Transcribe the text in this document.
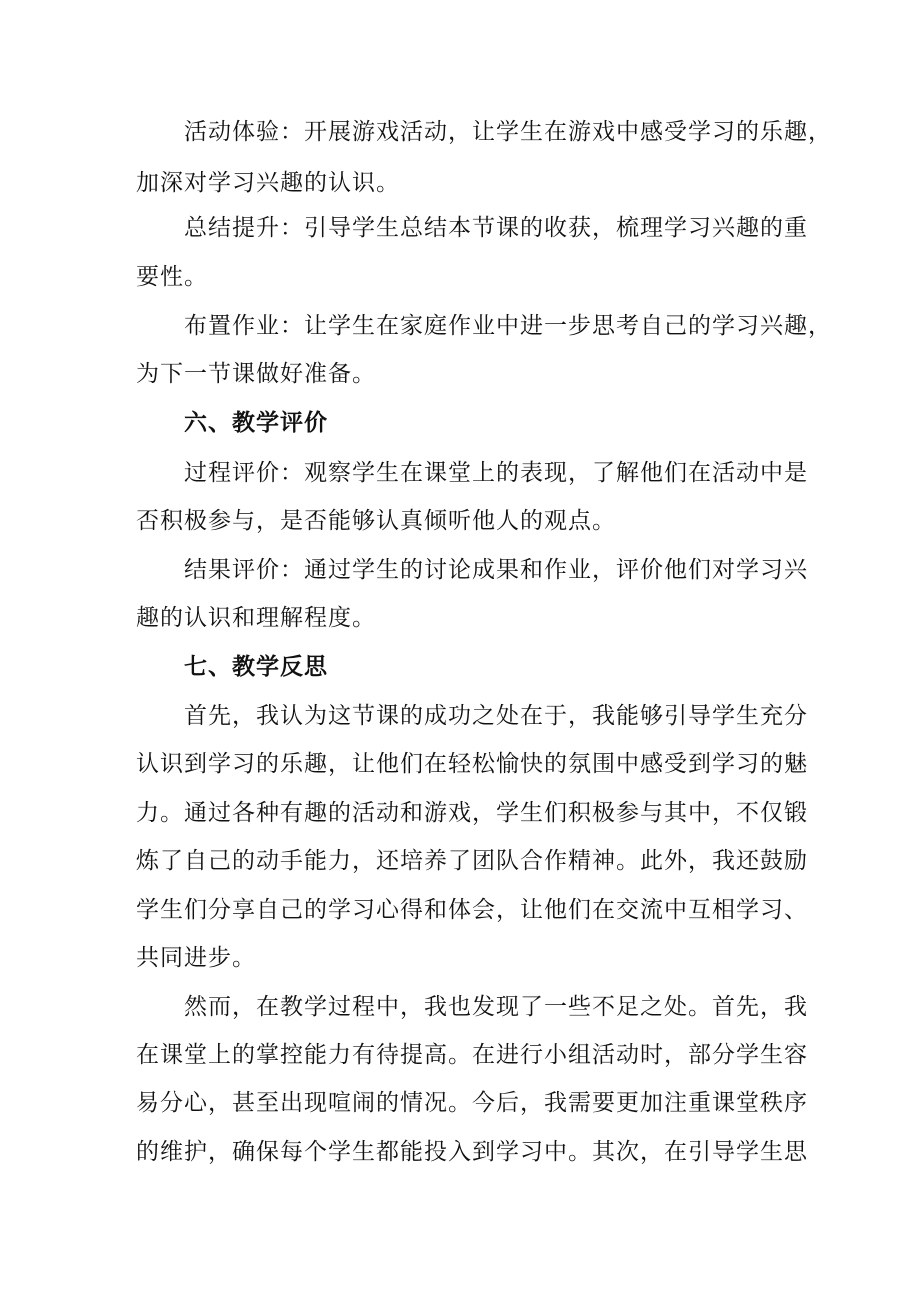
活动体验：开展游戏活动，让学生在游戏中感受学习的乐趣，
加深对学习兴趣的认识。
总结提升：引导学生总结本节课的收获，梳理学习兴趣的重
要性。
布置作业：让学生在家庭作业中进一步思考自己的学习兴趣，
为下一节课做好准备。
六、教学评价
过程评价：观察学生在课堂上的表现，了解他们在活动中是
否积极参与，是否能够认真倾听他人的观点。
结果评价：通过学生的讨论成果和作业，评价他们对学习兴
趣的认识和理解程度。
七、教学反思
首先，我认为这节课的成功之处在于，我能够引导学生充分
认识到学习的乐趣，让他们在轻松愉快的氛围中感受到学习的魅
力。通过各种有趣的活动和游戏，学生们积极参与其中，不仅锻
炼了自己的动手能力，还培养了团队合作精神。此外，我还鼓励
学生们分享自己的学习心得和体会，让他们在交流中互相学习、
共同进步。
然而，在教学过程中，我也发现了一些不足之处。首先，我
在课堂上的掌控能力有待提高。在进行小组活动时，部分学生容
易分心，甚至出现喧闹的情况。今后，我需要更加注重课堂秩序
的维护，确保每个学生都能投入到学习中。其次，在引导学生思
